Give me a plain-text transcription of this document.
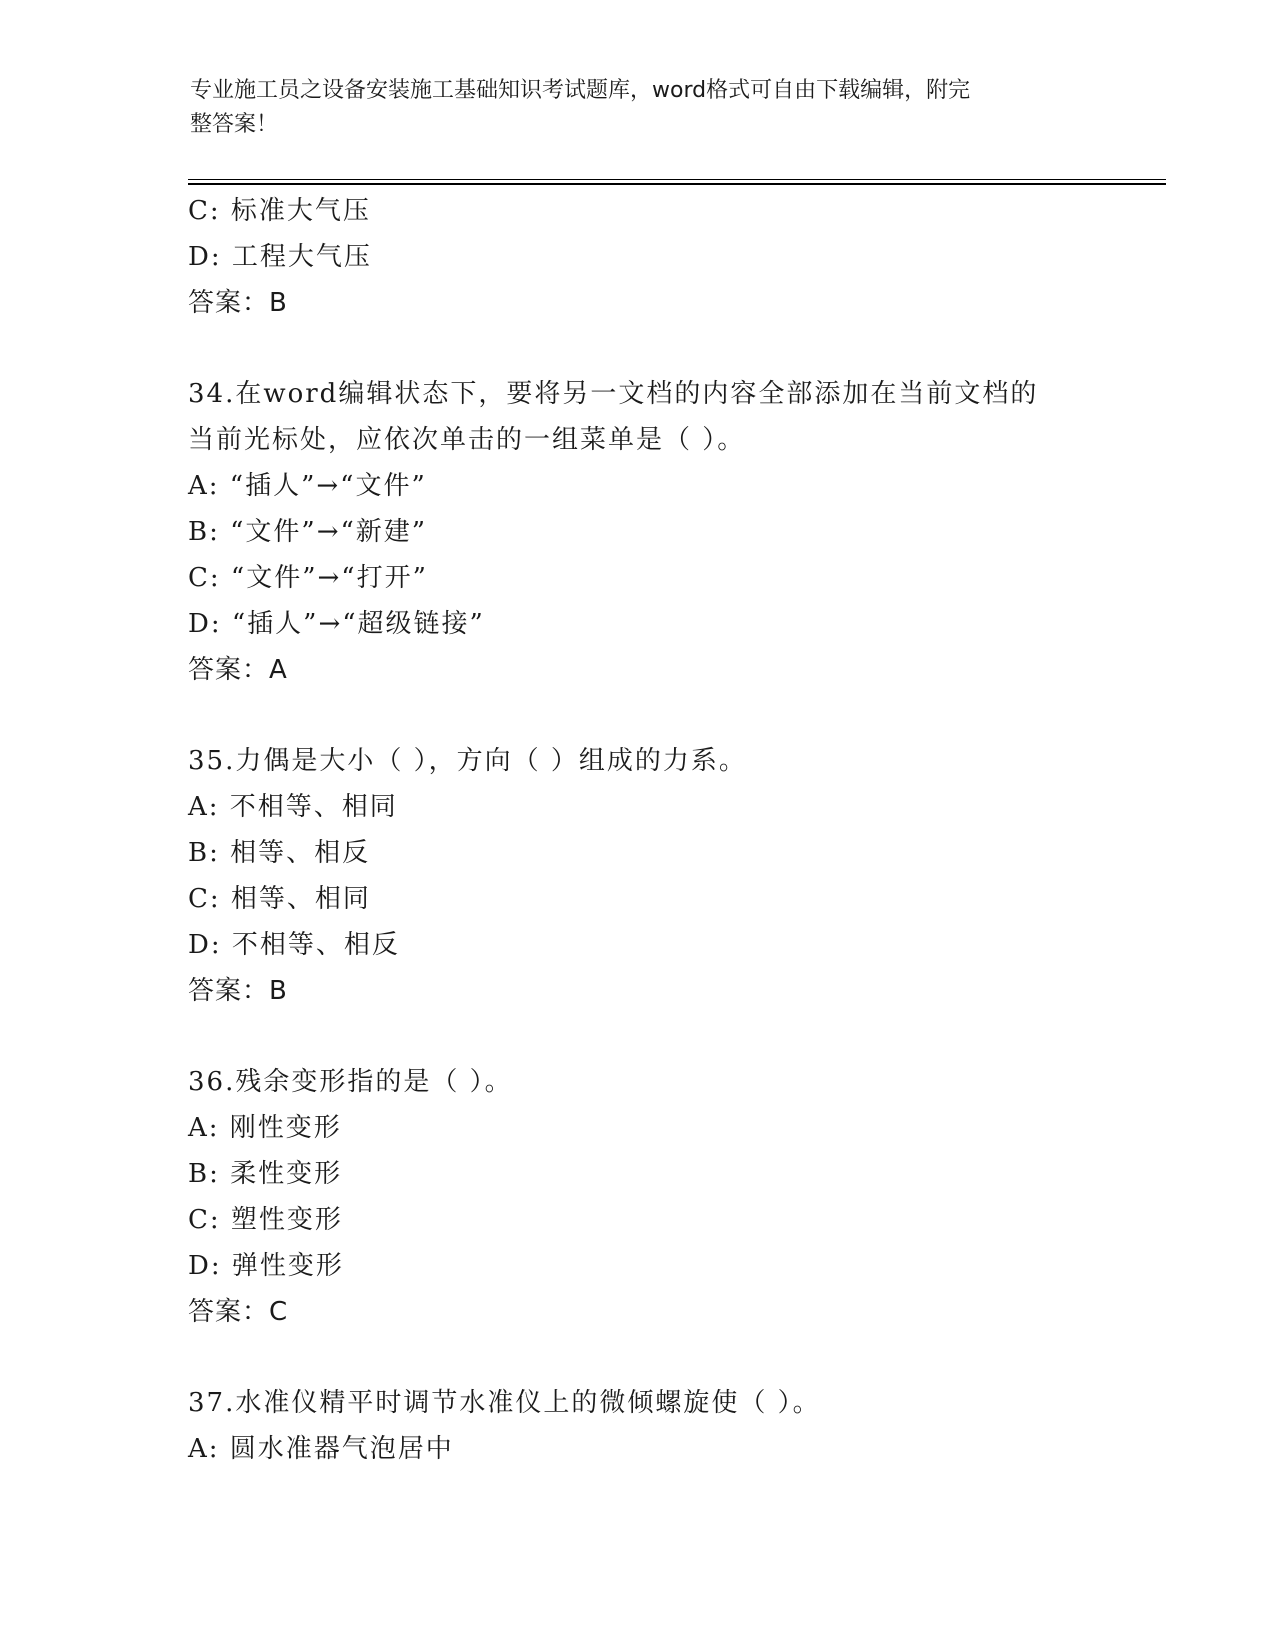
专业施工员之设备安装施工基础知识考试题库，word格式可自由下载编辑，附完
整答案！
C: 标准大气压
D: 工程大气压
答案：B
34.在word编辑状态下，要将另一文档的内容全部添加在当前文档的
当前光标处，应依次单击的一组菜单是（ ）。
A: “插人”→“文件”
B: “文件”→“新建”
C: “文件”→“打开”
D: “插人”→“超级链接”
答案：A
35.力偶是大小（ ），方向（ ）组成的力系。
A: 不相等、相同
B: 相等、相反
C: 相等、相同
D: 不相等、相反
答案：B
36.残余变形指的是（ ）。
A: 刚性变形
B: 柔性变形
C: 塑性变形
D: 弹性变形
答案：C
37.水准仪精平时调节水准仪上的微倾螺旋使（ ）。
A: 圆水准器气泡居中
